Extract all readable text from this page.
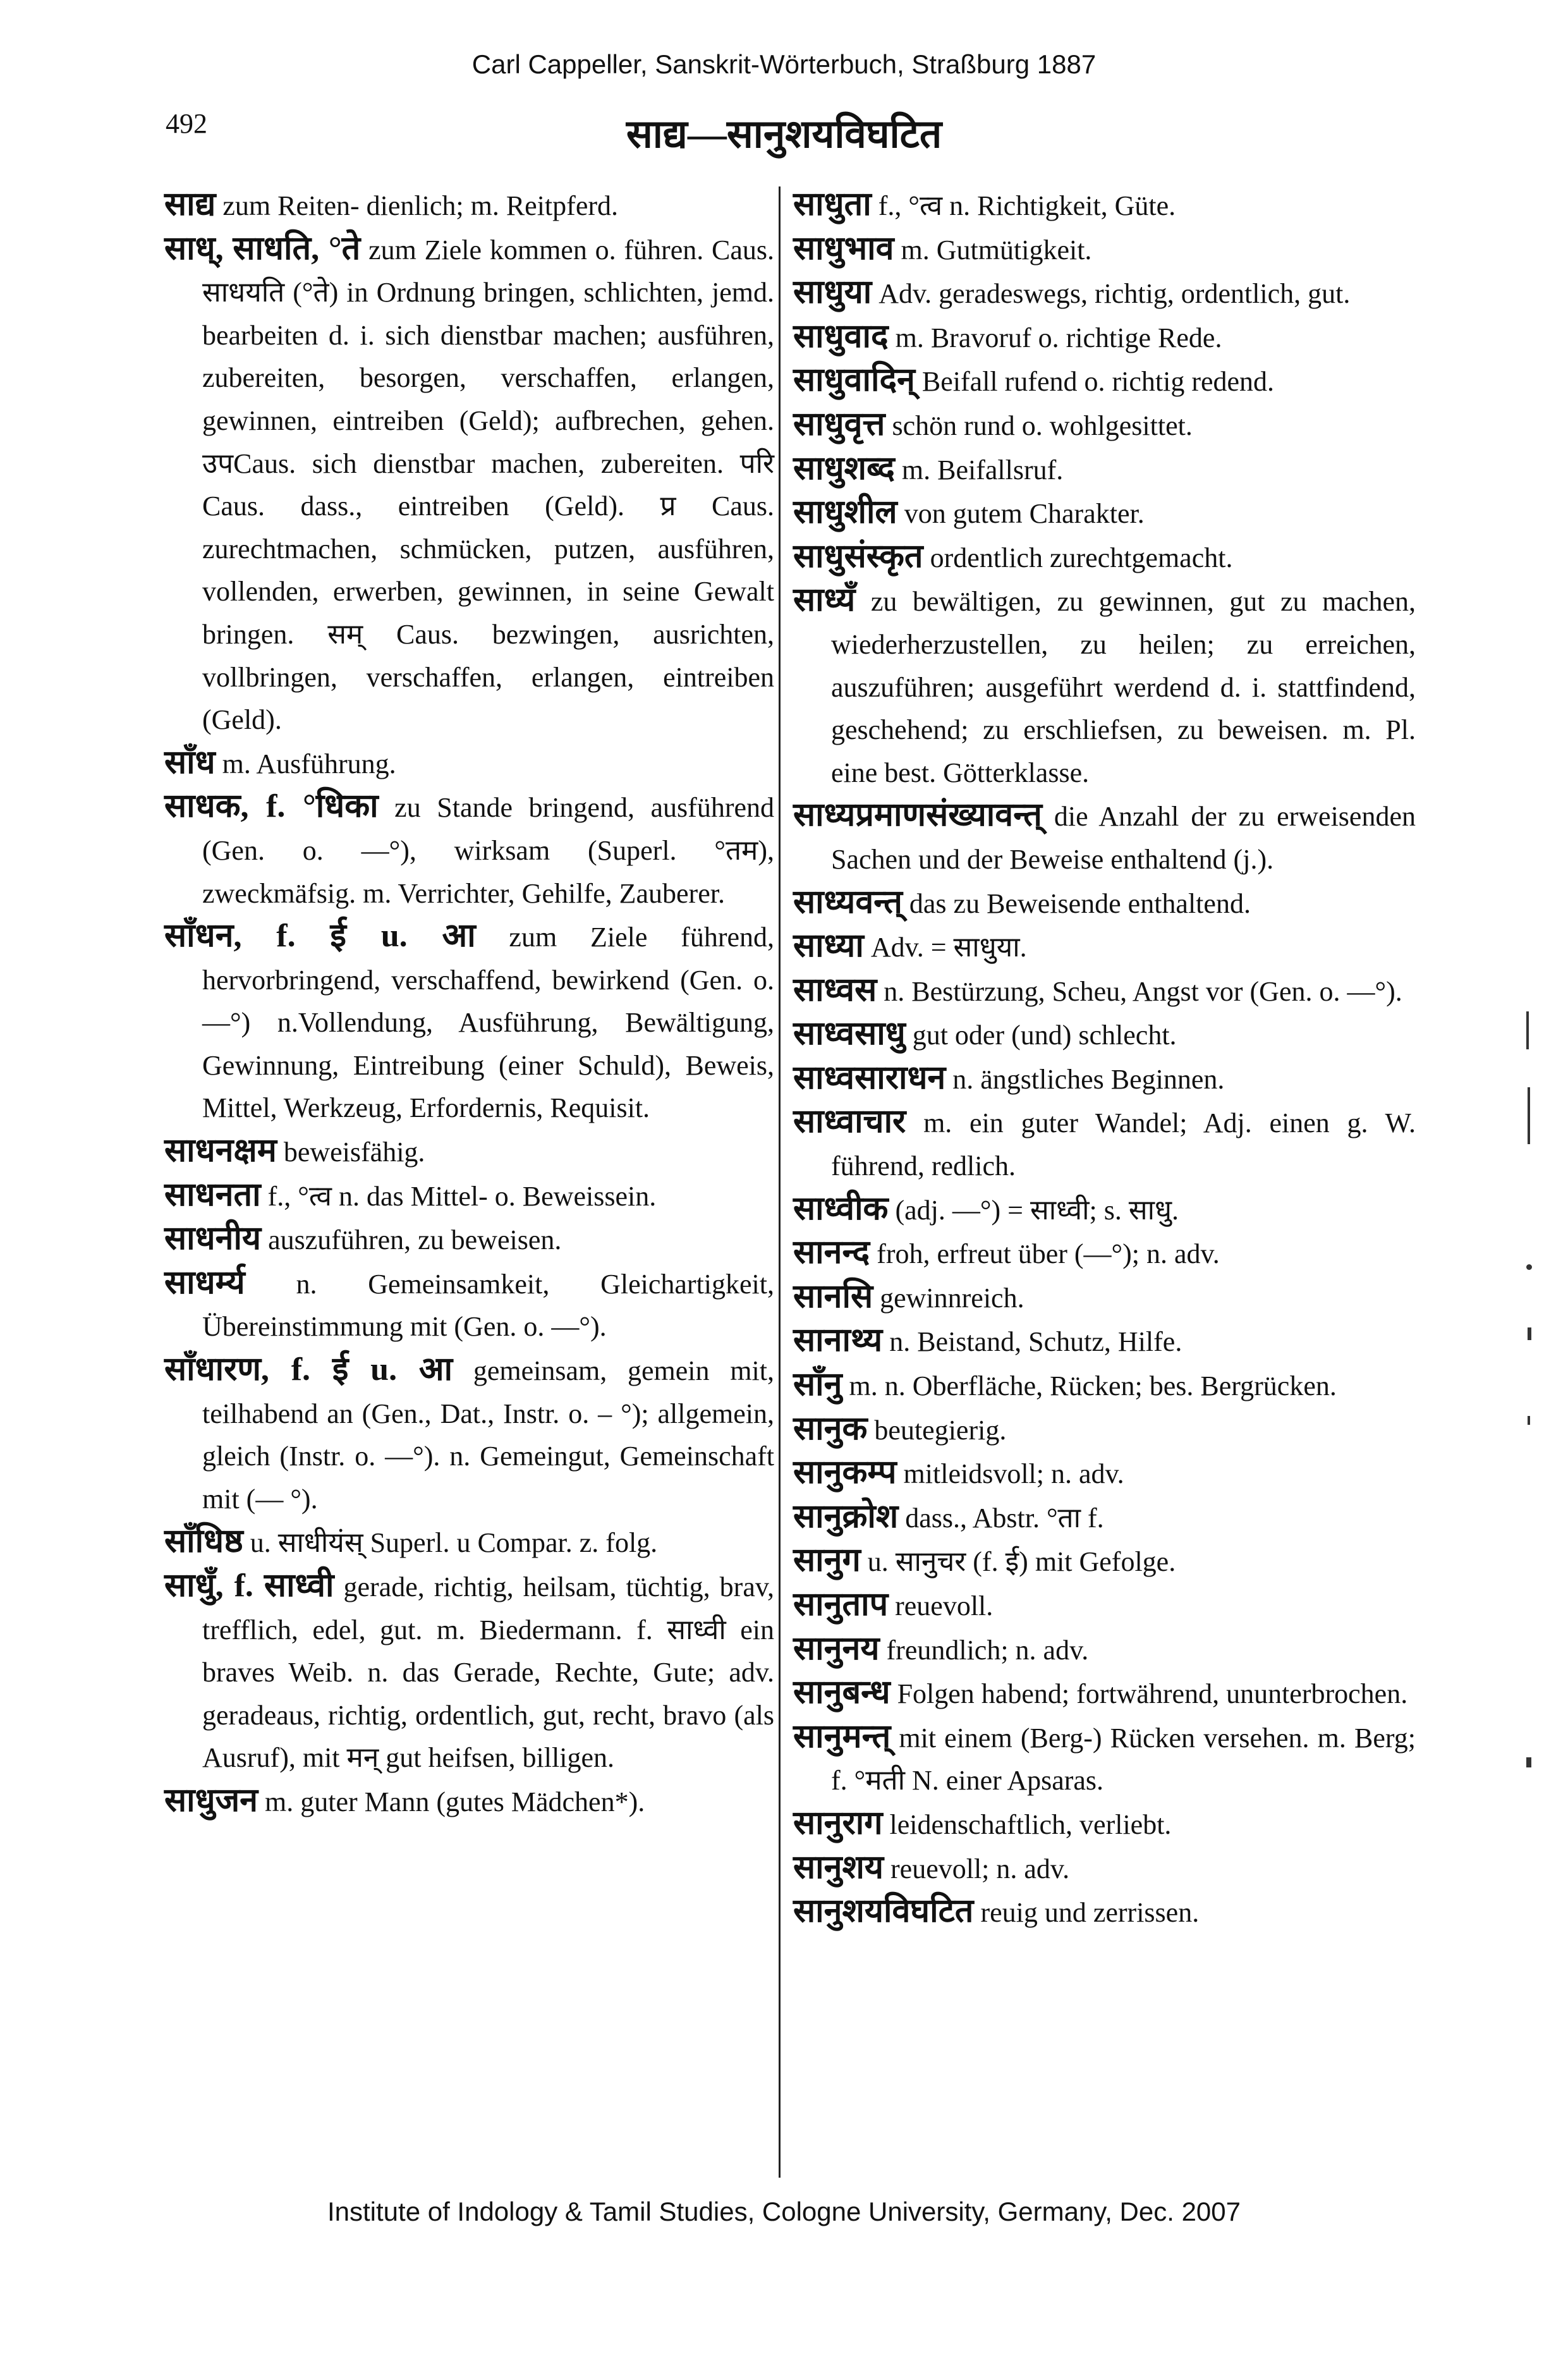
Carl Cappeller, Sanskrit-Wörterbuch, Straßburg 1887
492	साद्य—सानुशयविघटित

साद्य zum Reiten- dienlich; m. Reitpferd.

साध्, साधति, °ते zum Ziele kommen o. führen. Caus. साधयति (°ते) in Ordnung bringen, schlichten, jemd. bearbeiten d. i. sich dienstbar machen; ausführen, zubereiten, besorgen, verschaffen, erlangen, gewinnen, eintreiben (Geld); aufbrechen, gehen. उपCaus. sich dienstbar machen, zubereiten. परि Caus. dass., eintreiben (Geld). प्र Caus. zurechtmachen, schmücken, putzen, ausführen, vollenden, erwerben, gewinnen, in seine Gewalt bringen. सम् Caus. bezwingen, ausrichten, vollbringen, verschaffen, erlangen, eintreiben (Geld).

साँध m. Ausführung.

साधक, f. °धिका zu Stande bringend, ausführend (Gen. o. —°), wirksam (Superl. °तम), zweckmäfsig. m. Verrichter, Gehilfe, Zauberer.

साँधन, f. ई u. आ zum Ziele führend, hervorbringend, verschaffend, bewirkend (Gen. o.—°) n.Vollendung, Ausführung, Bewältigung, Gewinnung, Eintreibung (einer Schuld), Beweis, Mittel, Werkzeug, Erfordernis, Requisit.

साधनक्षम beweisfähig.

साधनता f., °त्व n. das Mittel- o. Beweissein.

साधनीय auszuführen, zu beweisen.

साधर्म्य n. Gemeinsamkeit, Gleichartigkeit, Übereinstimmung mit (Gen. o. —°).

साँधारण, f. ई u. आ gemeinsam, gemein mit, teilhabend an (Gen., Dat., Instr. o. – °); allgemein, gleich (Instr. o. —°). n. Gemeingut, Gemeinschaft mit (— °).

साँधिष्ठ u. साधीयंस् Superl. u Compar. z. folg.

साधुँ, f. साध्वी gerade, richtig, heilsam, tüchtig, brav, trefflich, edel, gut. m. Biedermann. f. साध्वी ein braves Weib. n. das Gerade, Rechte, Gute; adv. geradeaus, richtig, ordentlich, gut, recht, bravo (als Ausruf), mit मन् gut heifsen, billigen.

साधुजन m. guter Mann (gutes Mädchen*).

साधुता f., °त्व n. Richtigkeit, Güte.

साधुभाव m. Gutmütigkeit.

साधुया Adv. geradeswegs, richtig, ordentlich, gut.

साधुवाद m. Bravoruf o. richtige Rede.

साधुवादिन् Beifall rufend o. richtig redend.

साधुवृत्त schön rund o. wohlgesittet.

साधुशब्द m. Beifallsruf.

साधुशील von gutem Charakter.

साधुसंस्कृत ordentlich zurechtgemacht.

साध्यँ zu bewältigen, zu gewinnen, gut zu machen, wiederherzustellen, zu heilen; zu erreichen, auszuführen; ausgeführt werdend d. i. stattfindend, geschehend; zu erschliefsen, zu beweisen. m. Pl. eine best. Götterklasse.

साध्यप्रमाणसंख्यावन्त् die Anzahl der zu erweisenden Sachen und der Beweise enthaltend (j.).

साध्यवन्त् das zu Beweisende enthaltend.

साध्या Adv. = साधुया.

साध्वस n. Bestürzung, Scheu, Angst vor (Gen. o. —°).

साध्वसाधु gut oder (und) schlecht.

साध्वसाराधन n. ängstliches Beginnen.

साध्वाचार m. ein guter Wandel; Adj. einen g. W. führend, redlich.

साध्वीक (adj. —°) = साध्वी; s. साधु.

सानन्द froh, erfreut über (—°); n. adv.

सानसि gewinnreich.

सानाथ्य n. Beistand, Schutz, Hilfe.

साँनु m. n. Oberfläche, Rücken; bes. Bergrücken.

सानुक beutegierig.

सानुकम्प mitleidsvoll; n. adv.

सानुक्रोश dass., Abstr. °ता f.

सानुग u. सानुचर (f. ई) mit Gefolge.

सानुताप reuevoll.

सानुनय freundlich; n. adv.

सानुबन्ध Folgen habend; fortwährend, ununterbrochen.

सानुमन्त् mit einem (Berg-) Rücken versehen. m. Berg; f. °मती N. einer Apsaras.

सानुराग leidenschaftlich, verliebt.

सानुशय reuevoll; n. adv.

सानुशयविघटित reuig und zerrissen.

Institute of Indology & Tamil Studies, Cologne University, Germany, Dec. 2007
